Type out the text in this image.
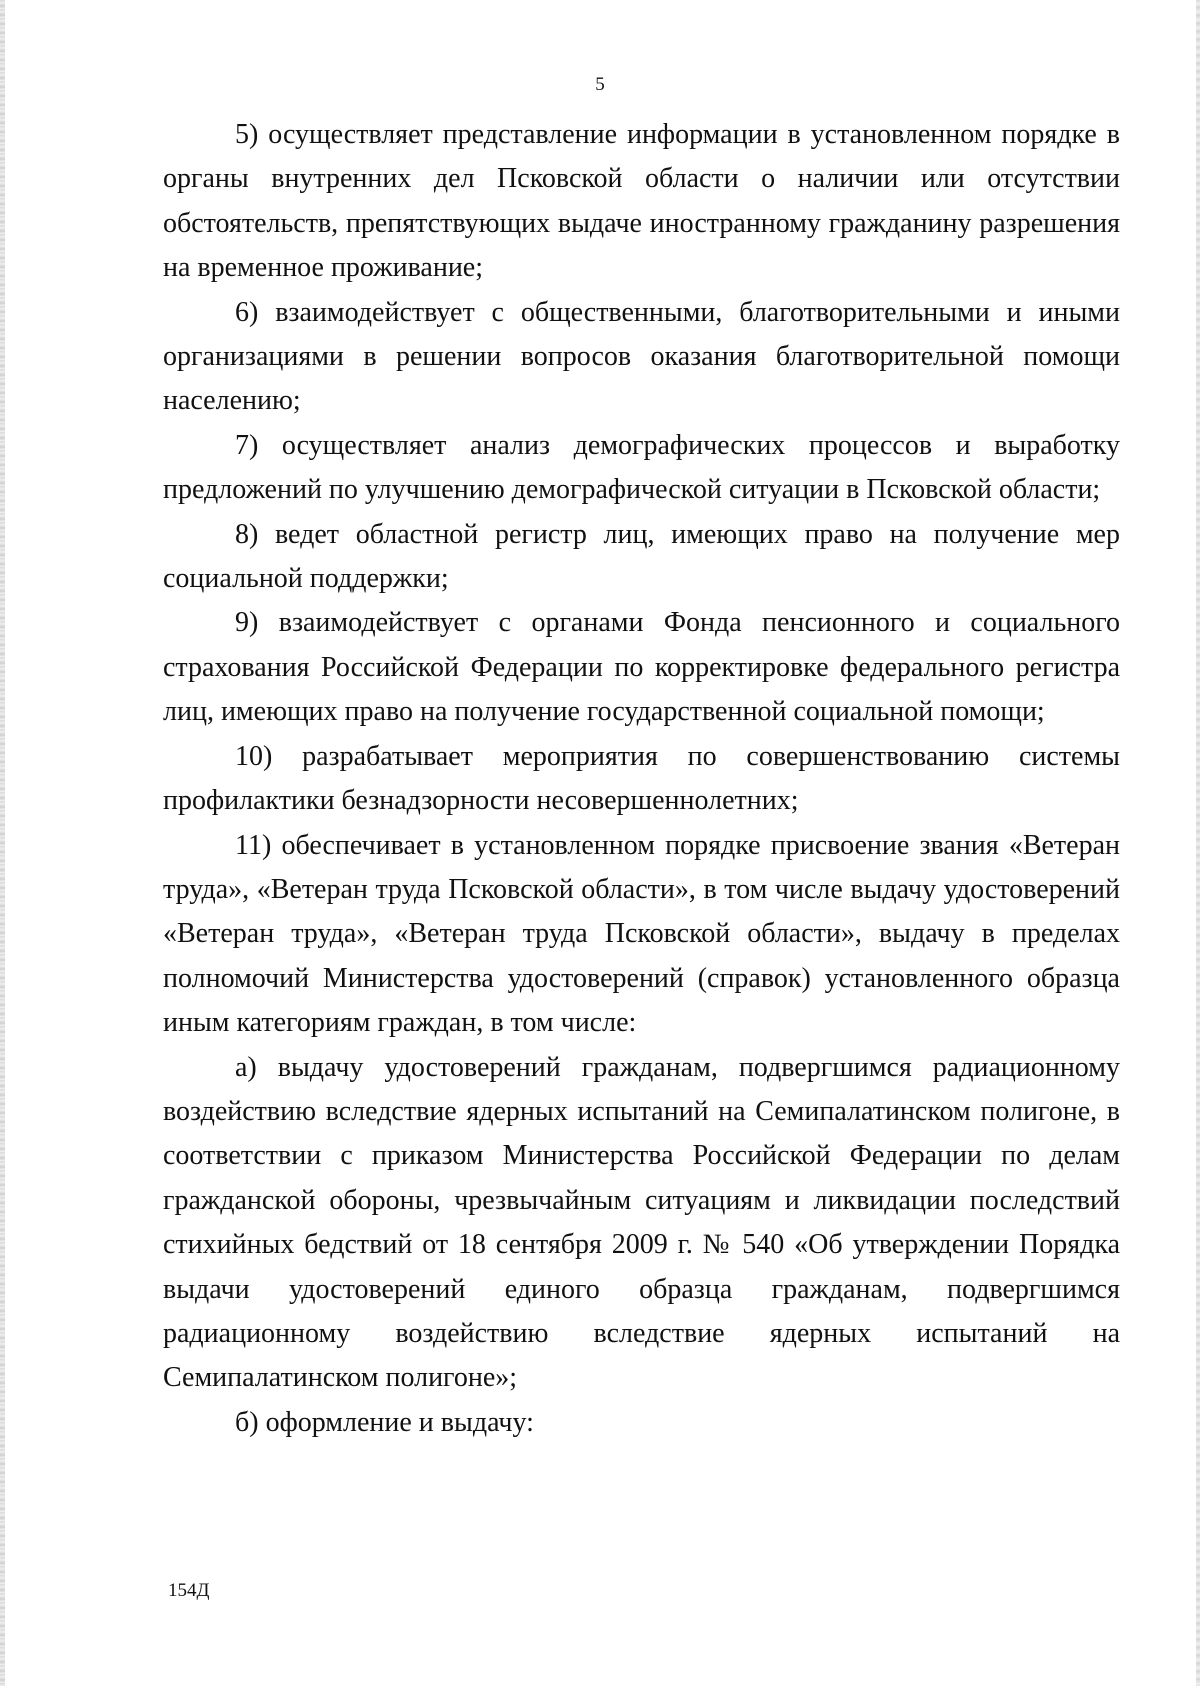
5

5) осуществляет представление информации в установленном порядке в органы внутренних дел Псковской области о наличии или отсутствии обстоятельств, препятствующих выдаче иностранному гражданину разрешения на временное проживание;

6) взаимодействует с общественными, благотворительными и иными организациями в решении вопросов оказания благотворительной помощи населению;

7) осуществляет анализ демографических процессов и выработку предложений по улучшению демографической ситуации в Псковской области;

8) ведет областной регистр лиц, имеющих право на получение мер социальной поддержки;

9) взаимодействует с органами Фонда пенсионного и социального страхования Российской Федерации по корректировке федерального регистра лиц, имеющих право на получение государственной социальной помощи;

10) разрабатывает мероприятия по совершенствованию системы профилактики безнадзорности несовершеннолетних;

11) обеспечивает в установленном порядке присвоение звания «Ветеран труда», «Ветеран труда Псковской области», в том числе выдачу удостоверений «Ветеран труда», «Ветеран труда Псковской области», выдачу в пределах полномочий Министерства удостоверений (справок) установленного образца иным категориям граждан, в том числе:

а) выдачу удостоверений гражданам, подвергшимся радиационному воздействию вследствие ядерных испытаний на Семипалатинском полигоне, в соответствии с приказом Министерства Российской Федерации по делам гражданской обороны, чрезвычайным ситуациям и ликвидации последствий стихийных бедствий от 18 сентября 2009 г. № 540 «Об утверждении Порядка выдачи удостоверений единого образца гражданам, подвергшимся радиационному воздействию вследствие ядерных испытаний на Семипалатинском полигоне»;

б) оформление и выдачу:

154Д
